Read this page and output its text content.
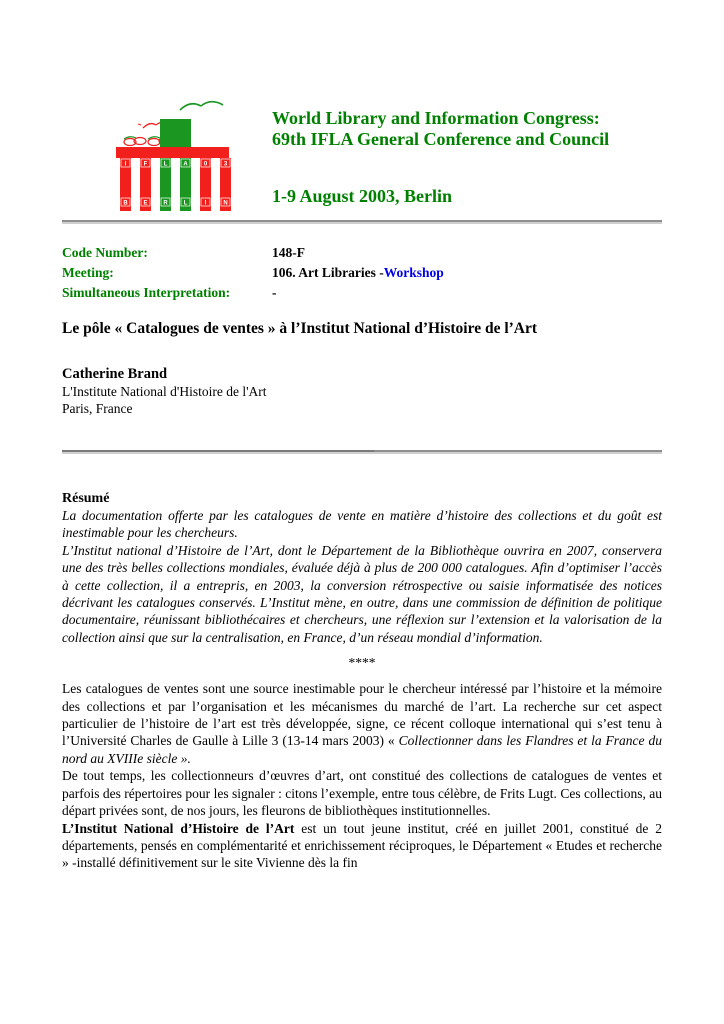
I	F	L	A	0	3
B	E	R	L	I	N
World Library and Information Congress:
69th IFLA General Conference and Council
1-9 August 2003, Berlin
Code Number:	148-F
Meeting:	106. Art Libraries -Workshop
Simultaneous Interpretation:	-
Le pôle « Catalogues de ventes » à l’Institut National d’Histoire de l’Art
Catherine Brand
L'Institute National d'Histoire de l'Art
Paris, France
Résumé

La documentation offerte par les catalogues de vente en matière d’histoire des collections et du goût est inestimable pour les chercheurs.

L’Institut national d’Histoire de l’Art, dont le Département de la Bibliothèque ouvrira en 2007, conservera une des très belles collections mondiales, évaluée déjà à plus de 200 000 catalogues. Afin d’optimiser l’accès à cette collection, il a entrepris, en 2003, la conversion rétrospective ou saisie informatisée des notices décrivant les catalogues conservés. L’Institut mène, en outre, dans une commission de définition de politique documentaire, réunissant bibliothécaires et chercheurs, une réflexion sur l’extension et la valorisation de la collection ainsi que sur la centralisation, en France, d’un réseau mondial d’information.

****

Les catalogues de ventes sont une source inestimable pour le chercheur intéressé par l’histoire et la mémoire des collections et par l’organisation et les mécanismes du marché de l’art. La recherche sur cet aspect particulier de l’histoire de l’art est très développée, signe, ce récent colloque international qui s’est tenu à l’Université Charles de Gaulle à Lille 3 (13-14 mars 2003) « Collectionner dans les Flandres et la France du nord au XVIIIe siècle ».

De tout temps, les collectionneurs d’œuvres d’art, ont constitué des collections de catalogues de ventes et parfois des répertoires pour les signaler : citons l’exemple, entre tous célèbre, de Frits Lugt. Ces collections, au départ privées sont, de nos jours, les fleurons de bibliothèques institutionnelles.

L’Institut National d’Histoire de l’Art est un tout jeune institut, créé en juillet 2001, constitué de 2 départements, pensés en complémentarité et enrichissement réciproques, le Département « Etudes et recherche » -installé définitivement sur le site Vivienne dès la fin
